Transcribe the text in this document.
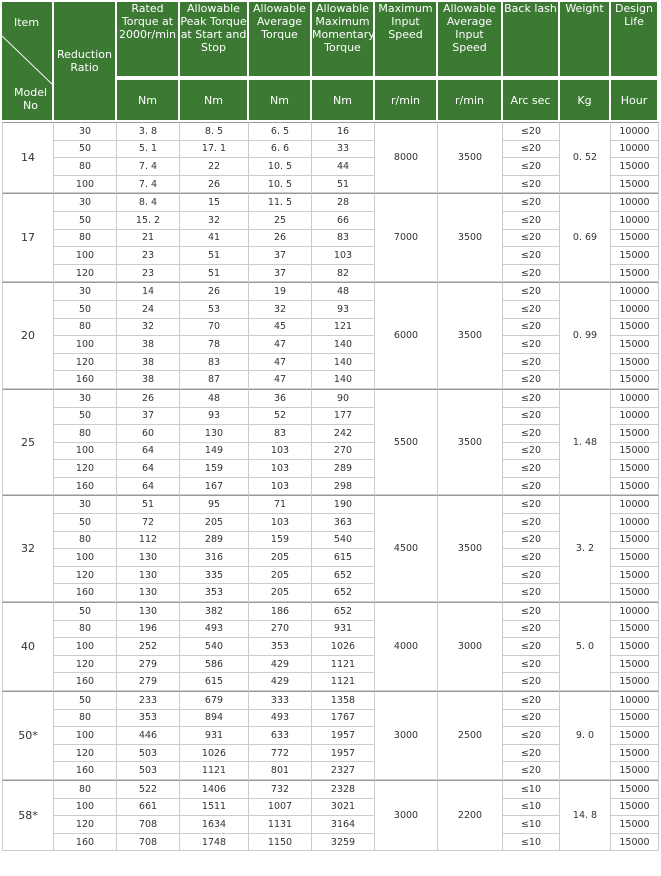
Item
Model
No	Reduction Ratio	Rated Torque at 2000r/min	Allowable Peak Torque at Start and Stop	Allowable Average Torque	Allowable Maximum Momentary Torque	Maximum Input Speed	Allowable Average Input Speed	Back lash	Weight	Design Life
		Nm	Nm	Nm	Nm	r/min	r/min	Arc sec	Kg	Hour
14	30	3. 8	8. 5	6. 5	16	8000	3500	≤20	0. 52	10000
	50	5. 1	17. 1	6. 6	33			≤20		10000
	80	7. 4	22	10. 5	44			≤20		15000
	100	7. 4	26	10. 5	51			≤20		15000
17	30	8. 4	15	11. 5	28	7000	3500	≤20	0. 69	10000
	50	15. 2	32	25	66			≤20		10000
	80	21	41	26	83			≤20		15000
	100	23	51	37	103			≤20		15000
	120	23	51	37	82			≤20		15000
20	30	14	26	19	48	6000	3500	≤20	0. 99	10000
	50	24	53	32	93			≤20		10000
	80	32	70	45	121			≤20		15000
	100	38	78	47	140			≤20		15000
	120	38	83	47	140			≤20		15000
	160	38	87	47	140			≤20		15000
25	30	26	48	36	90	5500	3500	≤20	1. 48	10000
	50	37	93	52	177			≤20		10000
	80	60	130	83	242			≤20		15000
	100	64	149	103	270			≤20		15000
	120	64	159	103	289			≤20		15000
	160	64	167	103	298			≤20		15000
32	30	51	95	71	190	4500	3500	≤20	3. 2	10000
	50	72	205	103	363			≤20		10000
	80	112	289	159	540			≤20		15000
	100	130	316	205	615			≤20		15000
	120	130	335	205	652			≤20		15000
	160	130	353	205	652			≤20		15000
40	50	130	382	186	652	4000	3000	≤20	5. 0	10000
	80	196	493	270	931			≤20		15000
	100	252	540	353	1026			≤20		15000
	120	279	586	429	1121			≤20		15000
	160	279	615	429	1121			≤20		15000
50*	50	233	679	333	1358	3000	2500	≤20	9. 0	10000
	80	353	894	493	1767			≤20		15000
	100	446	931	633	1957			≤20		15000
	120	503	1026	772	1957			≤20		15000
	160	503	1121	801	2327			≤20		15000
58*	80	522	1406	732	2328	3000	2200	≤10	14. 8	15000
	100	661	1511	1007	3021			≤10		15000
	120	708	1634	1131	3164			≤10		15000
	160	708	1748	1150	3259			≤10		15000
